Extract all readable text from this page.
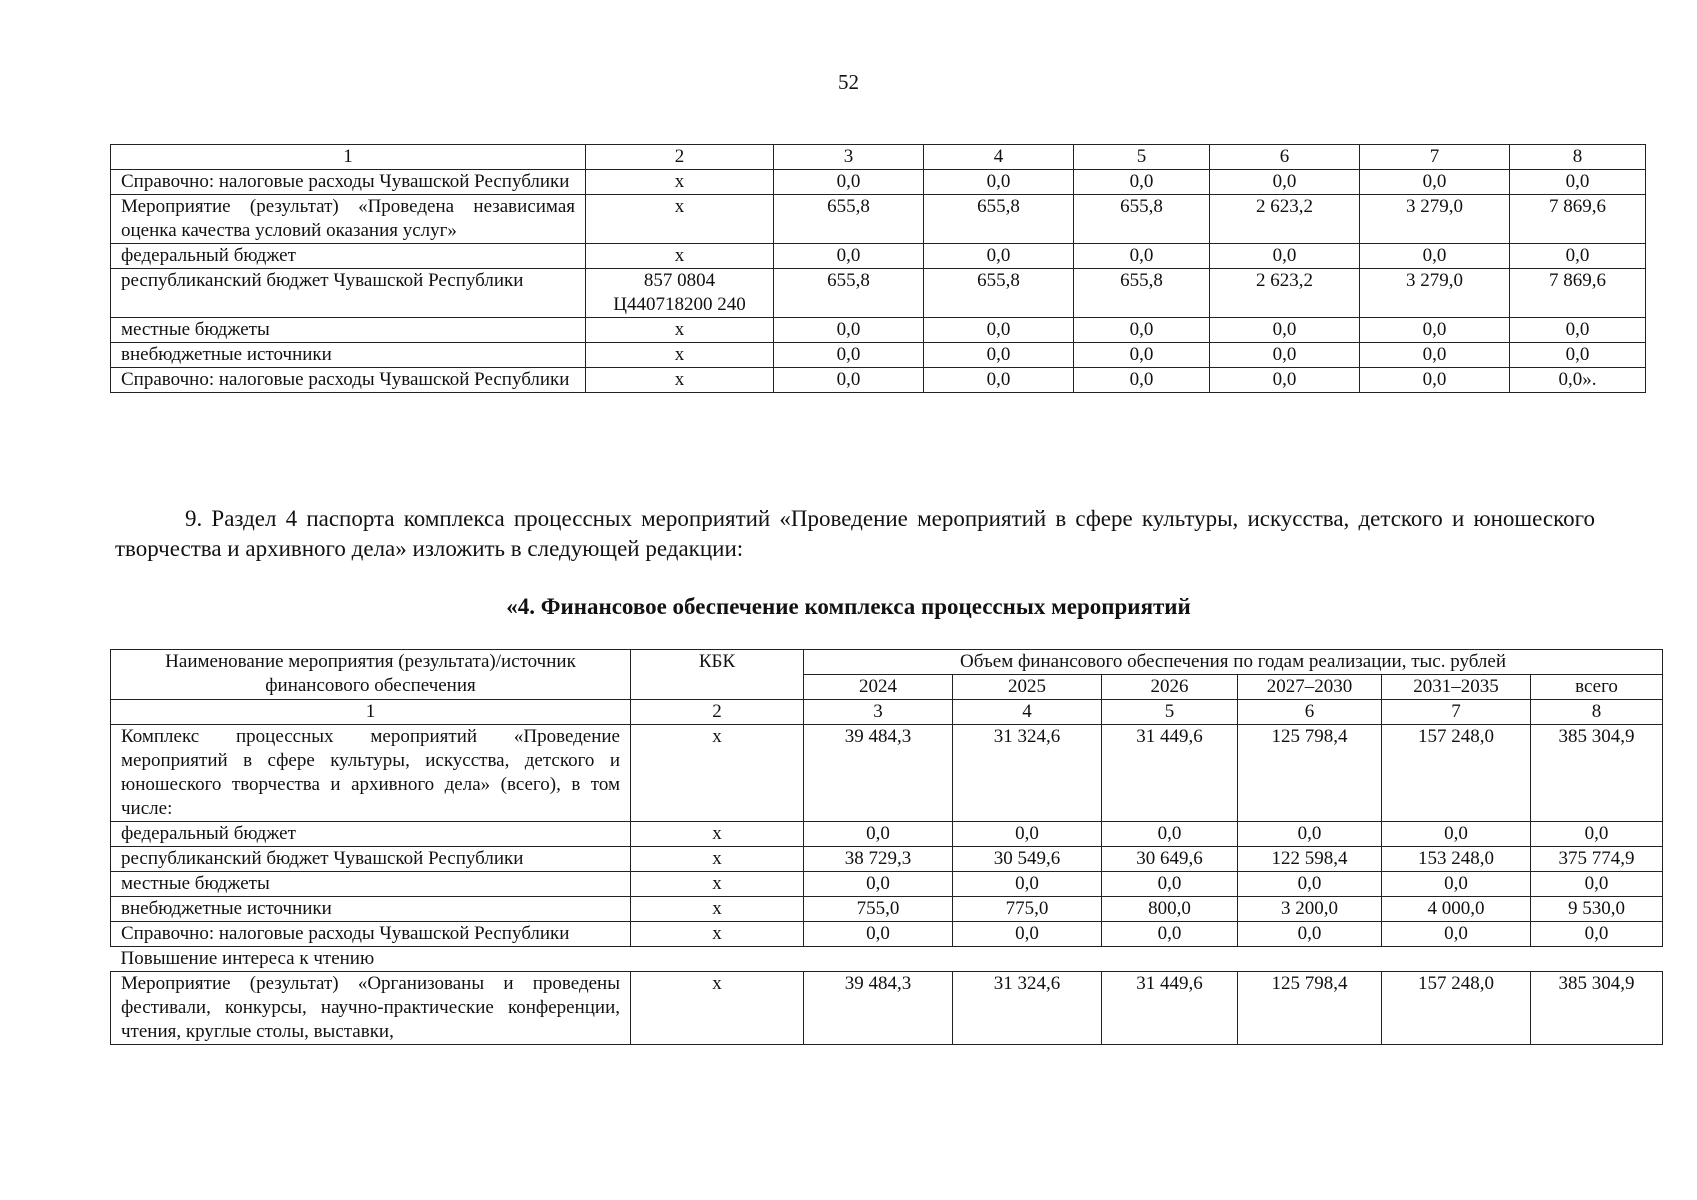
52
1	2	3	4	5	6	7	8
Справочно: налоговые расходы Чувашской Республики	x	0,0	0,0	0,0	0,0	0,0	0,0
Мероприятие (результат) «Проведена независимая оценка качества условий оказания услуг»	x	655,8	655,8	655,8	2 623,2	3 279,0	7 869,6
федеральный бюджет	x	0,0	0,0	0,0	0,0	0,0	0,0
республиканский бюджет Чувашской Республики	857 0804 Ц440718200 240	655,8	655,8	655,8	2 623,2	3 279,0	7 869,6
местные бюджеты	x	0,0	0,0	0,0	0,0	0,0	0,0
внебюджетные источники	x	0,0	0,0	0,0	0,0	0,0	0,0
Справочно: налоговые расходы Чувашской Республики	x	0,0	0,0	0,0	0,0	0,0	0,0».

9. Раздел 4 паспорта комплекса процессных мероприятий «Проведение мероприятий в сфере культуры, искусства, детского и юношеского творчества и архивного дела» изложить в следующей редакции:

«4. Финансовое обеспечение комплекса процессных мероприятий

Наименование мероприятия (результата)/источник финансового обеспечения	КБК	Объем финансового обеспечения по годам реализации, тыс. рублей					
		2024	2025	2026	2027–2030	2031–2035	всего
1	2	3	4	5	6	7	8
Комплекс процессных мероприятий «Проведение мероприятий в сфере культуры, искусства, детского и юношеского творчества и архивного дела» (всего), в том числе:	x	39 484,3	31 324,6	31 449,6	125 798,4	157 248,0	385 304,9
федеральный бюджет	x	0,0	0,0	0,0	0,0	0,0	0,0
республиканский бюджет Чувашской Республики	x	38 729,3	30 549,6	30 649,6	122 598,4	153 248,0	375 774,9
местные бюджеты	x	0,0	0,0	0,0	0,0	0,0	0,0
внебюджетные источники	x	755,0	775,0	800,0	3 200,0	4 000,0	9 530,0
Справочно: налоговые расходы Чувашской Республики	x	0,0	0,0	0,0	0,0	0,0	0,0
Повышение интереса к чтению							
Мероприятие (результат) «Организованы и проведены фестивали, конкурсы, научно-практические конференции, чтения, круглые столы, выставки,	x	39 484,3	31 324,6	31 449,6	125 798,4	157 248,0	385 304,9
